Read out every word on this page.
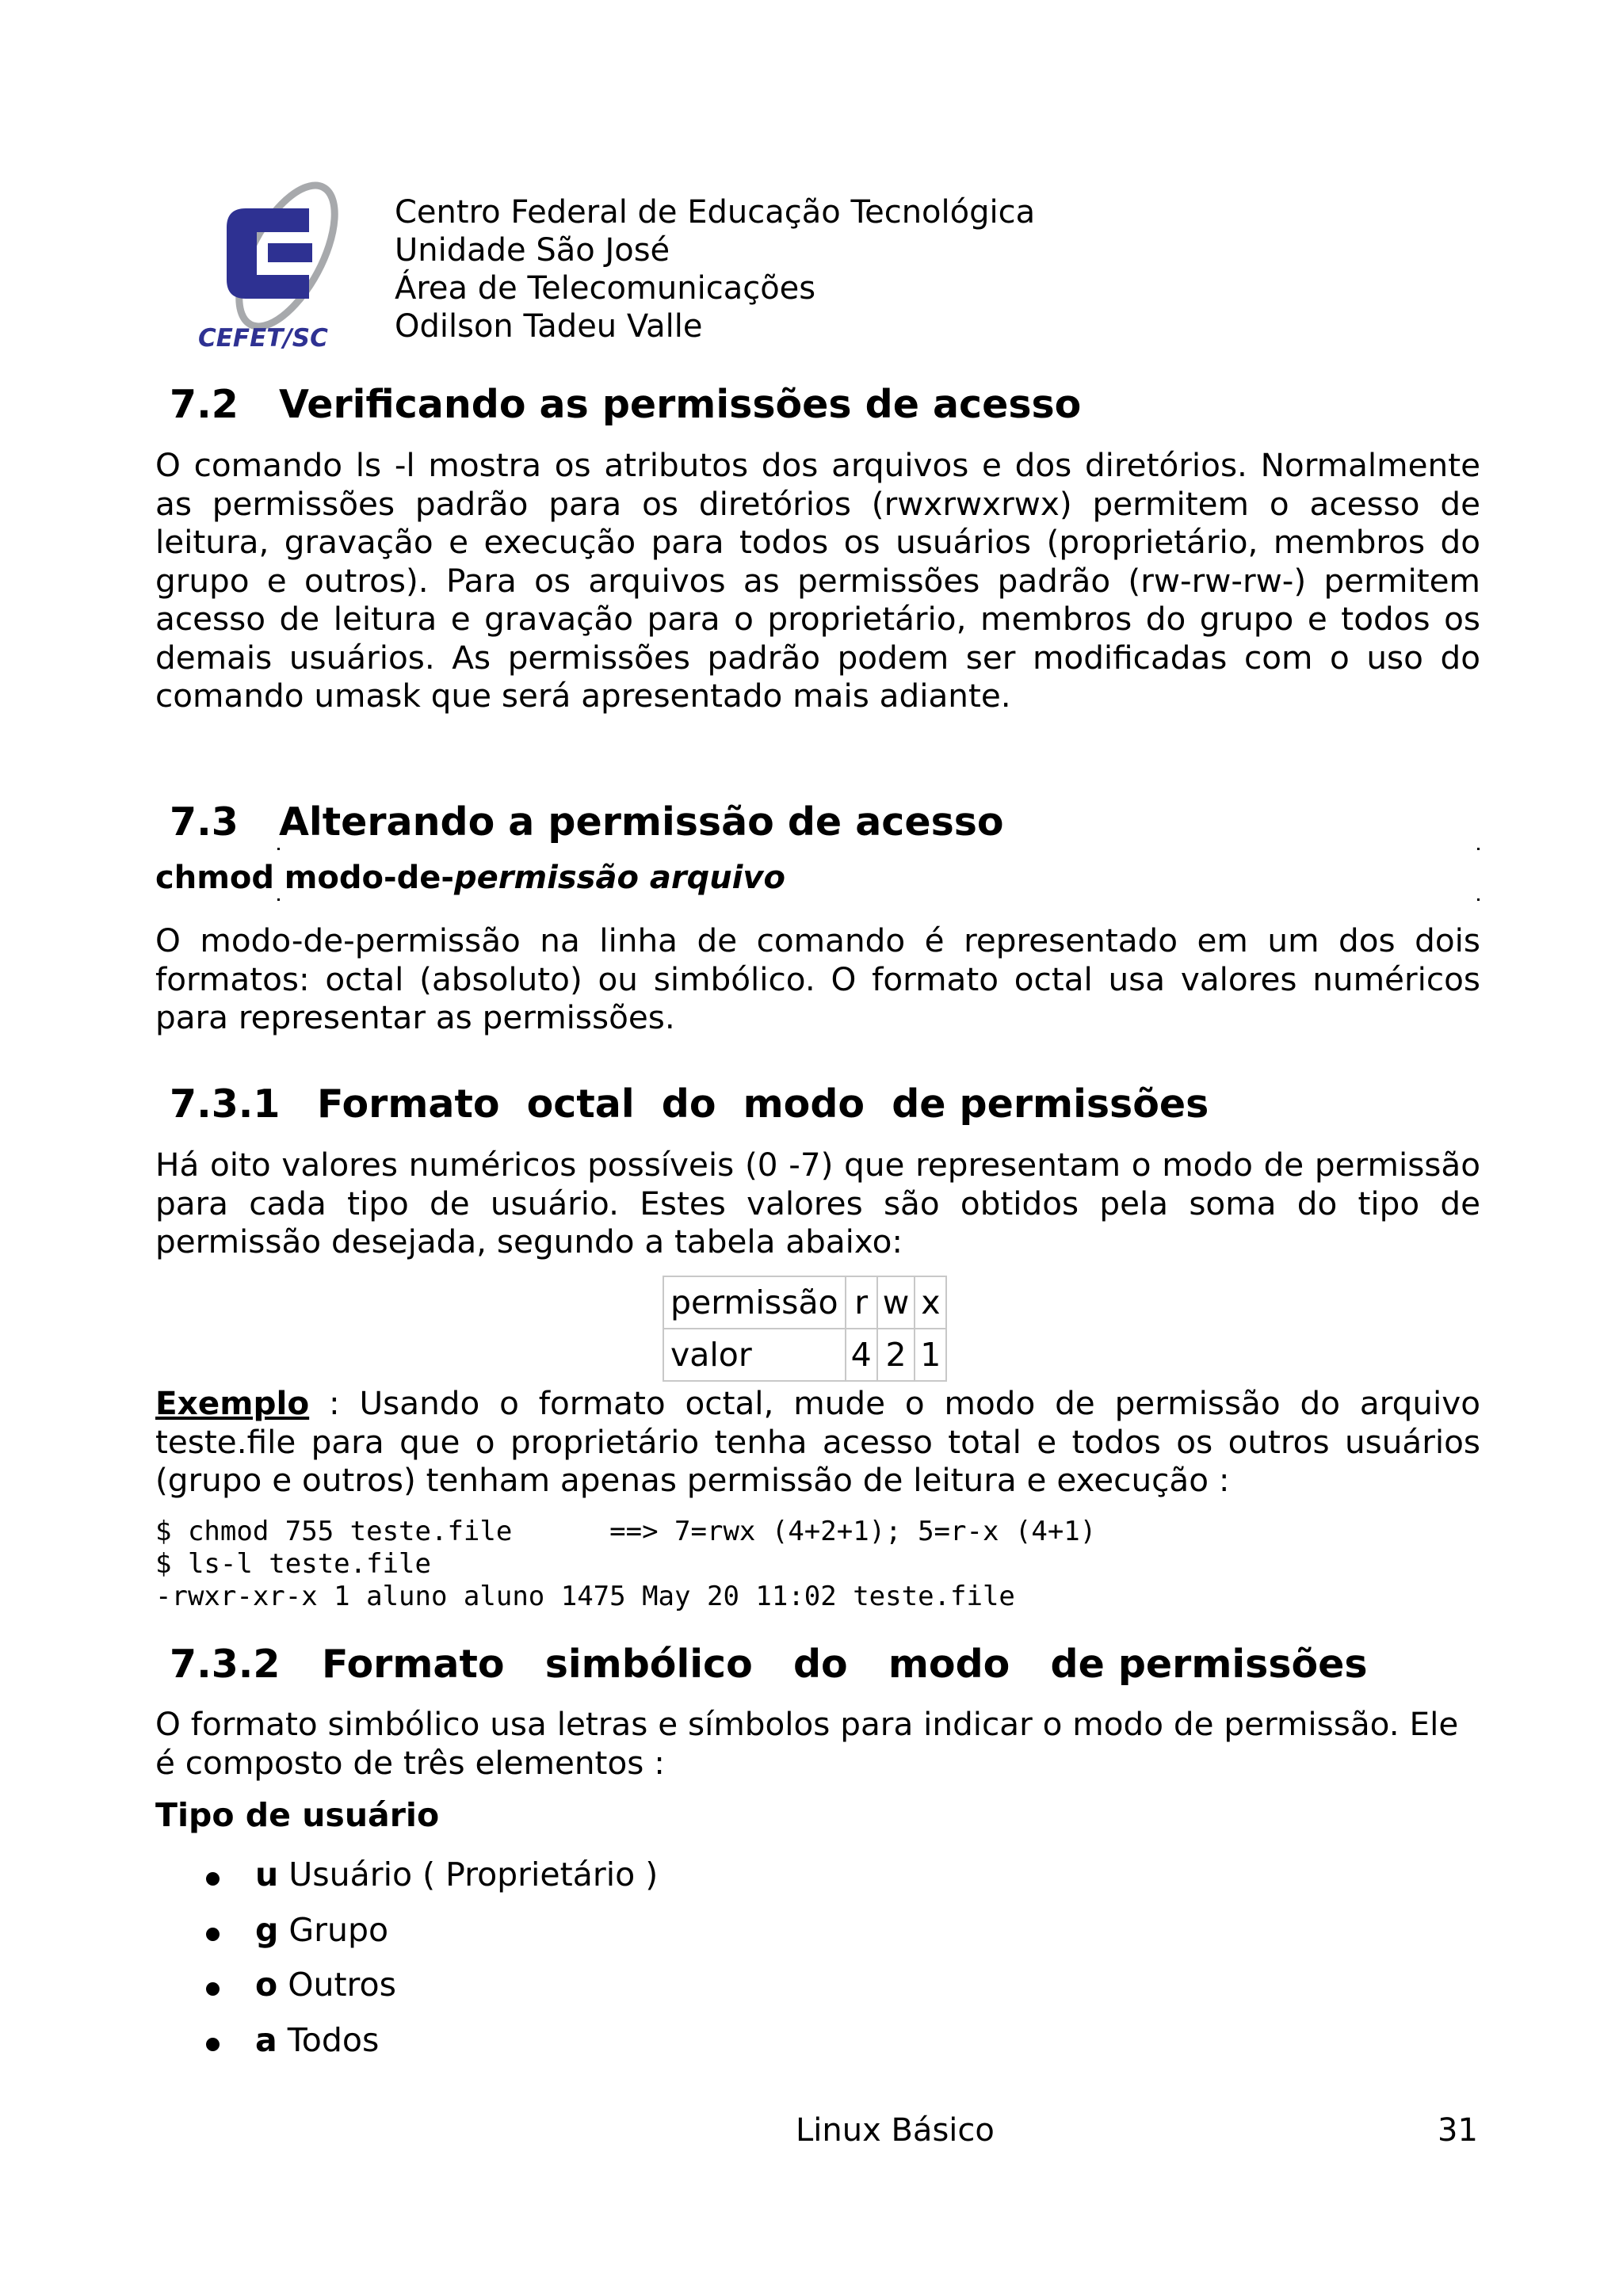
CEFET/SC
Centro Federal de Educação Tecnológica
Unidade São José
Área de Telecomunicações
Odilson Tadeu Valle
7.2 Verificando as permissões de acesso
O comando ls -l mostra os atributos dos arquivos e dos diretórios. Normalmente as permissões padrão para os diretórios (rwxrwxrwx) permitem o acesso de leitura, gravação e execução para todos os usuários (proprietário, membros do grupo e outros). Para os arquivos as permissões padrão (rw-rw-rw-) permitem acesso de leitura e gravação para o proprietário, membros do grupo e todos os demais usuários. As permissões padrão podem ser modificadas com o uso do comando umask que será apresentado mais adiante.
7.3 Alterando a permissão de acesso
chmod modo-de-permissão arquivo
O modo-de-permissão na linha de comando é representado em um dos dois formatos: octal (absoluto) ou simbólico. O formato octal usa valores numéricos para representar as permissões.
7.3.1 Formato  octal  do  modo  de permissões
Há oito valores numéricos possíveis (0 -7) que representam o modo de permissão para cada tipo de usuário. Estes valores são obtidos pela soma do tipo de permissão desejada, segundo a tabela abaixo:
permissão	r	w	x
valor	4	2	1
Exemplo : Usando o formato octal, mude o modo de permissão do arquivo teste.file para que o proprietário tenha acesso total e todos os outros usuários (grupo e outros) tenham apenas permissão de leitura e execução :
$ chmod 755 teste.file      ==> 7=rwx (4+2+1); 5=r-x (4+1)
$ ls-l teste.file
-rwxr-xr-x 1 aluno aluno 1475 May 20 11:02 teste.file
7.3.2 Formato   simbólico   do   modo   de permissões
O formato simbólico usa letras e símbolos para indicar o modo de permissão. Ele é composto de três elementos :
Tipo de usuário
u Usuário ( Proprietário )
g Grupo
o Outros
a Todos
Linux Básico	31
